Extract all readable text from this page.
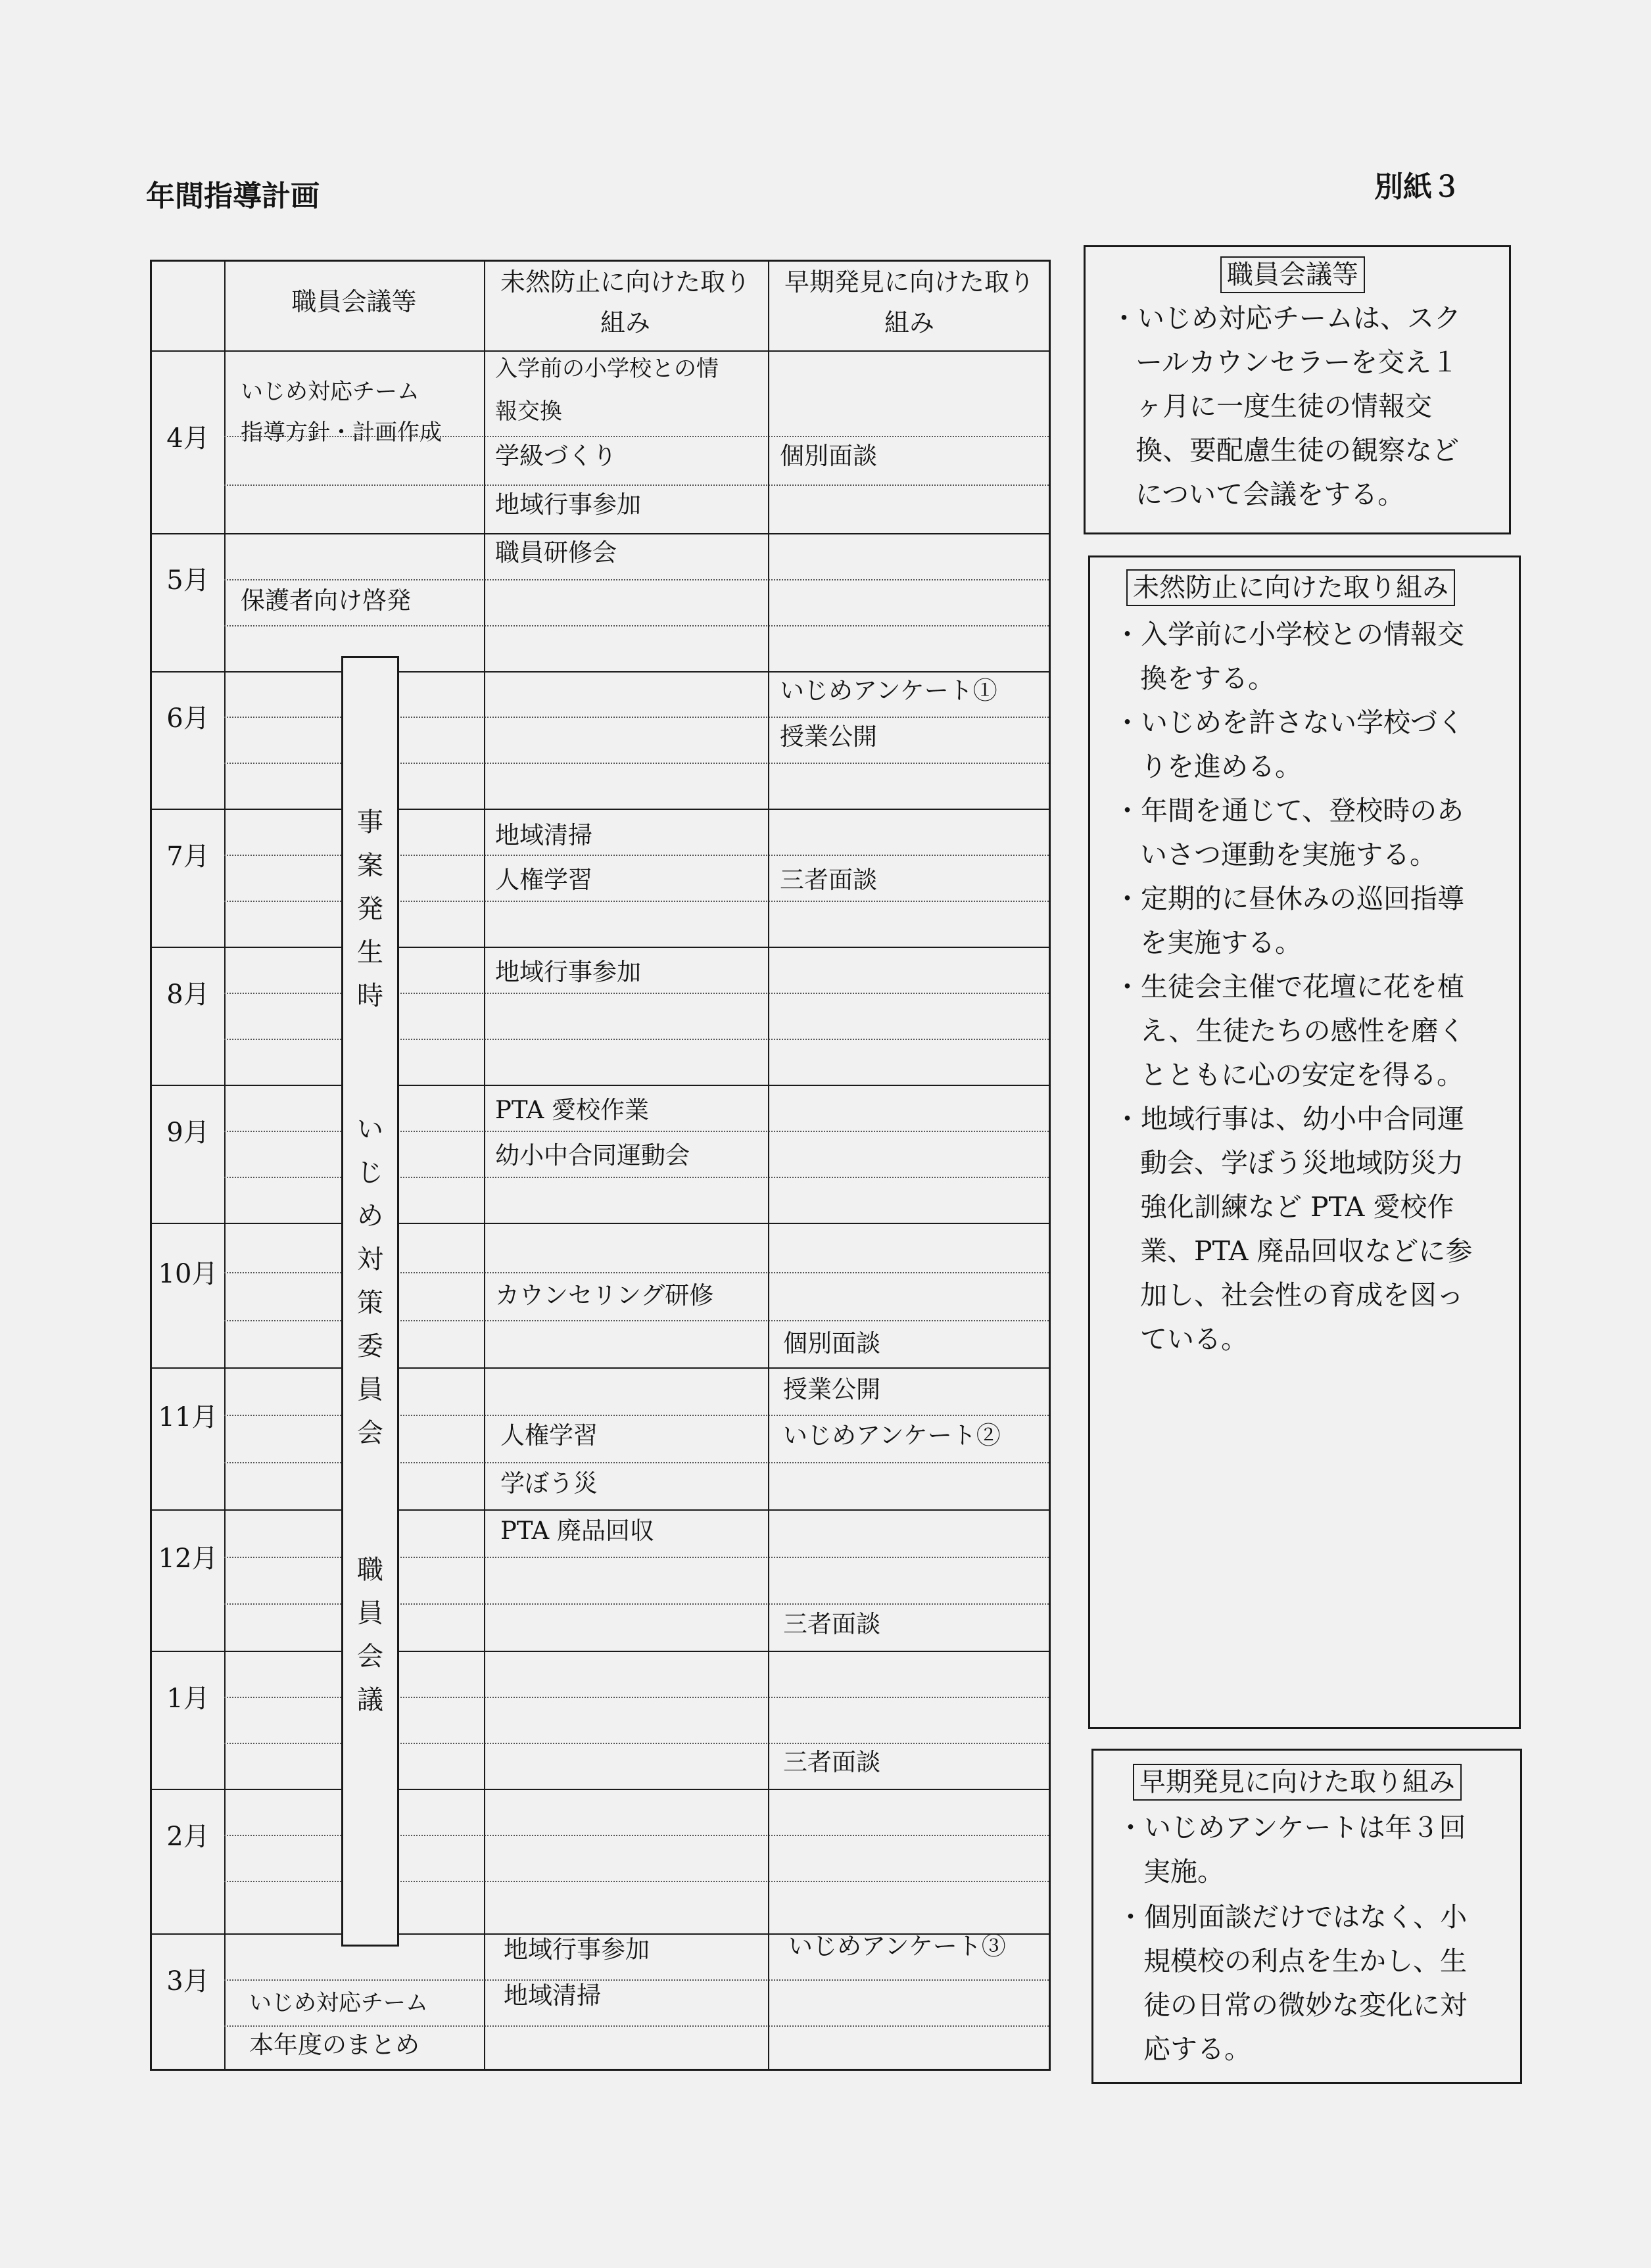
年間指導計画	別紙３
職員会議等
未然防止に向けた取り組み
早期発見に向けた取り組み
4月
5月
6月
7月
8月
9月
10月
11月
12月
1月
2月
3月
いじめ対応チーム
指導方針・計画作成
保護者向け啓発
いじめ対応チーム
本年度のまとめ
事
案
発
生
時
い
じ
め
対
策
委
員
会
職
員
会
議
入学前の小学校との情
報交換
学級づくり
地域行事参加
職員研修会
地域清掃
人権学習
地域行事参加
PTA 愛校作業
幼小中合同運動会
カウンセリング研修
人権学習
学ぼう災
PTA 廃品回収
地域行事参加
地域清掃
個別面談
いじめアンケート①
授業公開
三者面談
個別面談
授業公開
いじめアンケート②
三者面談
三者面談
いじめアンケート③
職員会議等
・いじめ対応チームは、スク
ールカウンセラーを交え１
ヶ月に一度生徒の情報交
換、要配慮生徒の観察など
について会議をする。
未然防止に向けた取り組み
・入学前に小学校との情報交
換をする。
・いじめを許さない学校づく
りを進める。
・年間を通じて、登校時のあ
いさつ運動を実施する。
・定期的に昼休みの巡回指導
を実施する。
・生徒会主催で花壇に花を植
え、生徒たちの感性を磨く
とともに心の安定を得る。
・地域行事は、幼小中合同運
動会、学ぼう災地域防災力
強化訓練など PTA 愛校作
業、PTA 廃品回収などに参
加し、社会性の育成を図っ
ている。
早期発見に向けた取り組み
・いじめアンケートは年３回
実施。
・個別面談だけではなく、小
規模校の利点を生かし、生
徒の日常の微妙な変化に対
応する。
